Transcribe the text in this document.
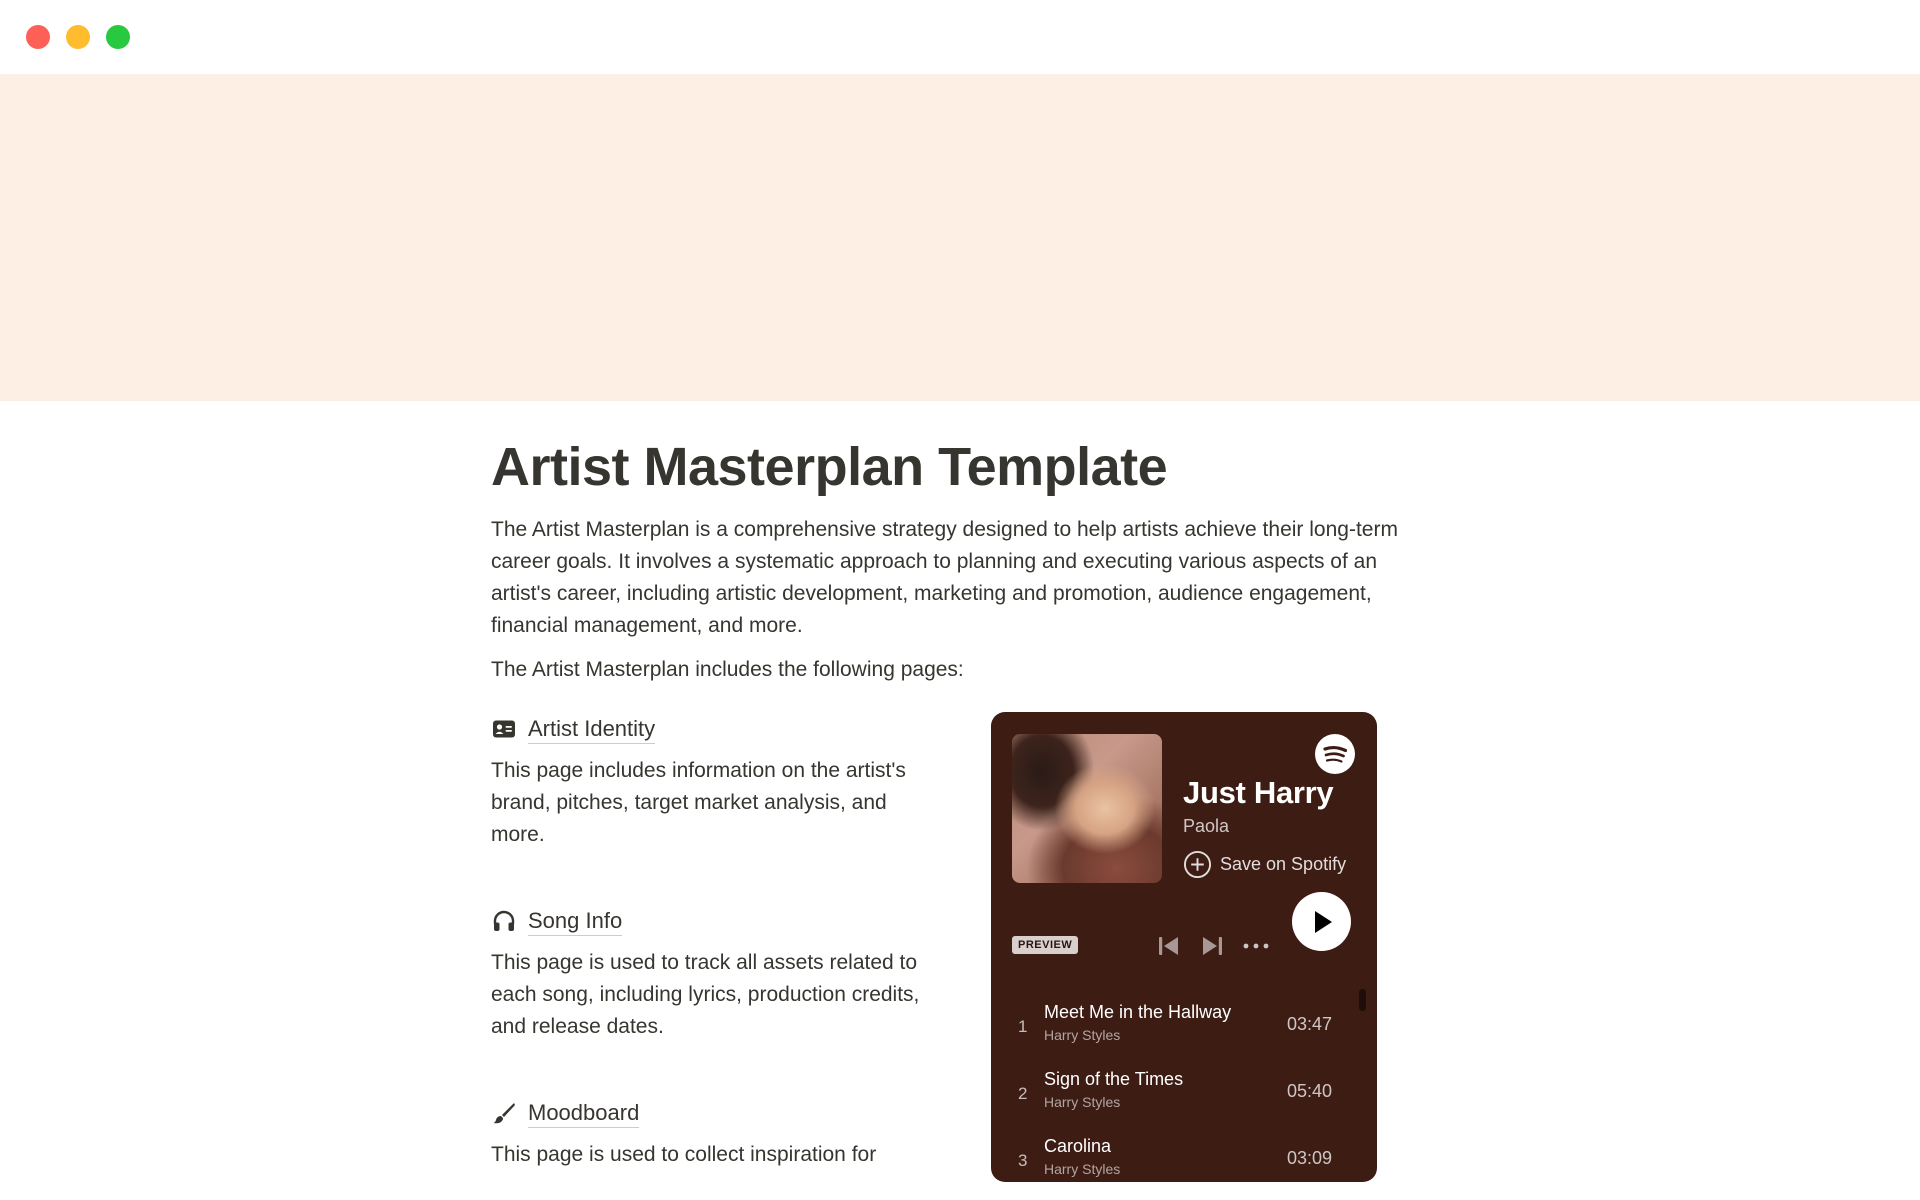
Artist Masterplan Template

The Artist Masterplan is a comprehensive strategy designed to help artists achieve their long-term career goals. It involves a systematic approach to planning and executing various aspects of an artist's career, including artistic development, marketing and promotion, audience engagement, financial management, and more.

The Artist Masterplan includes the following pages:

Artist Identity

This page includes information on the artist's brand, pitches, target market analysis, and more.

Song Info

This page is used to track all assets related to each song, including lyrics, production credits, and release dates.

Moodboard

This page is used to collect inspiration for

Just Harry
Paola
Save on Spotify
PREVIEW
1
Meet Me in the Hallway
Harry Styles
03:47
2
Sign of the Times
Harry Styles
05:40
3
Carolina
Harry Styles
03:09
